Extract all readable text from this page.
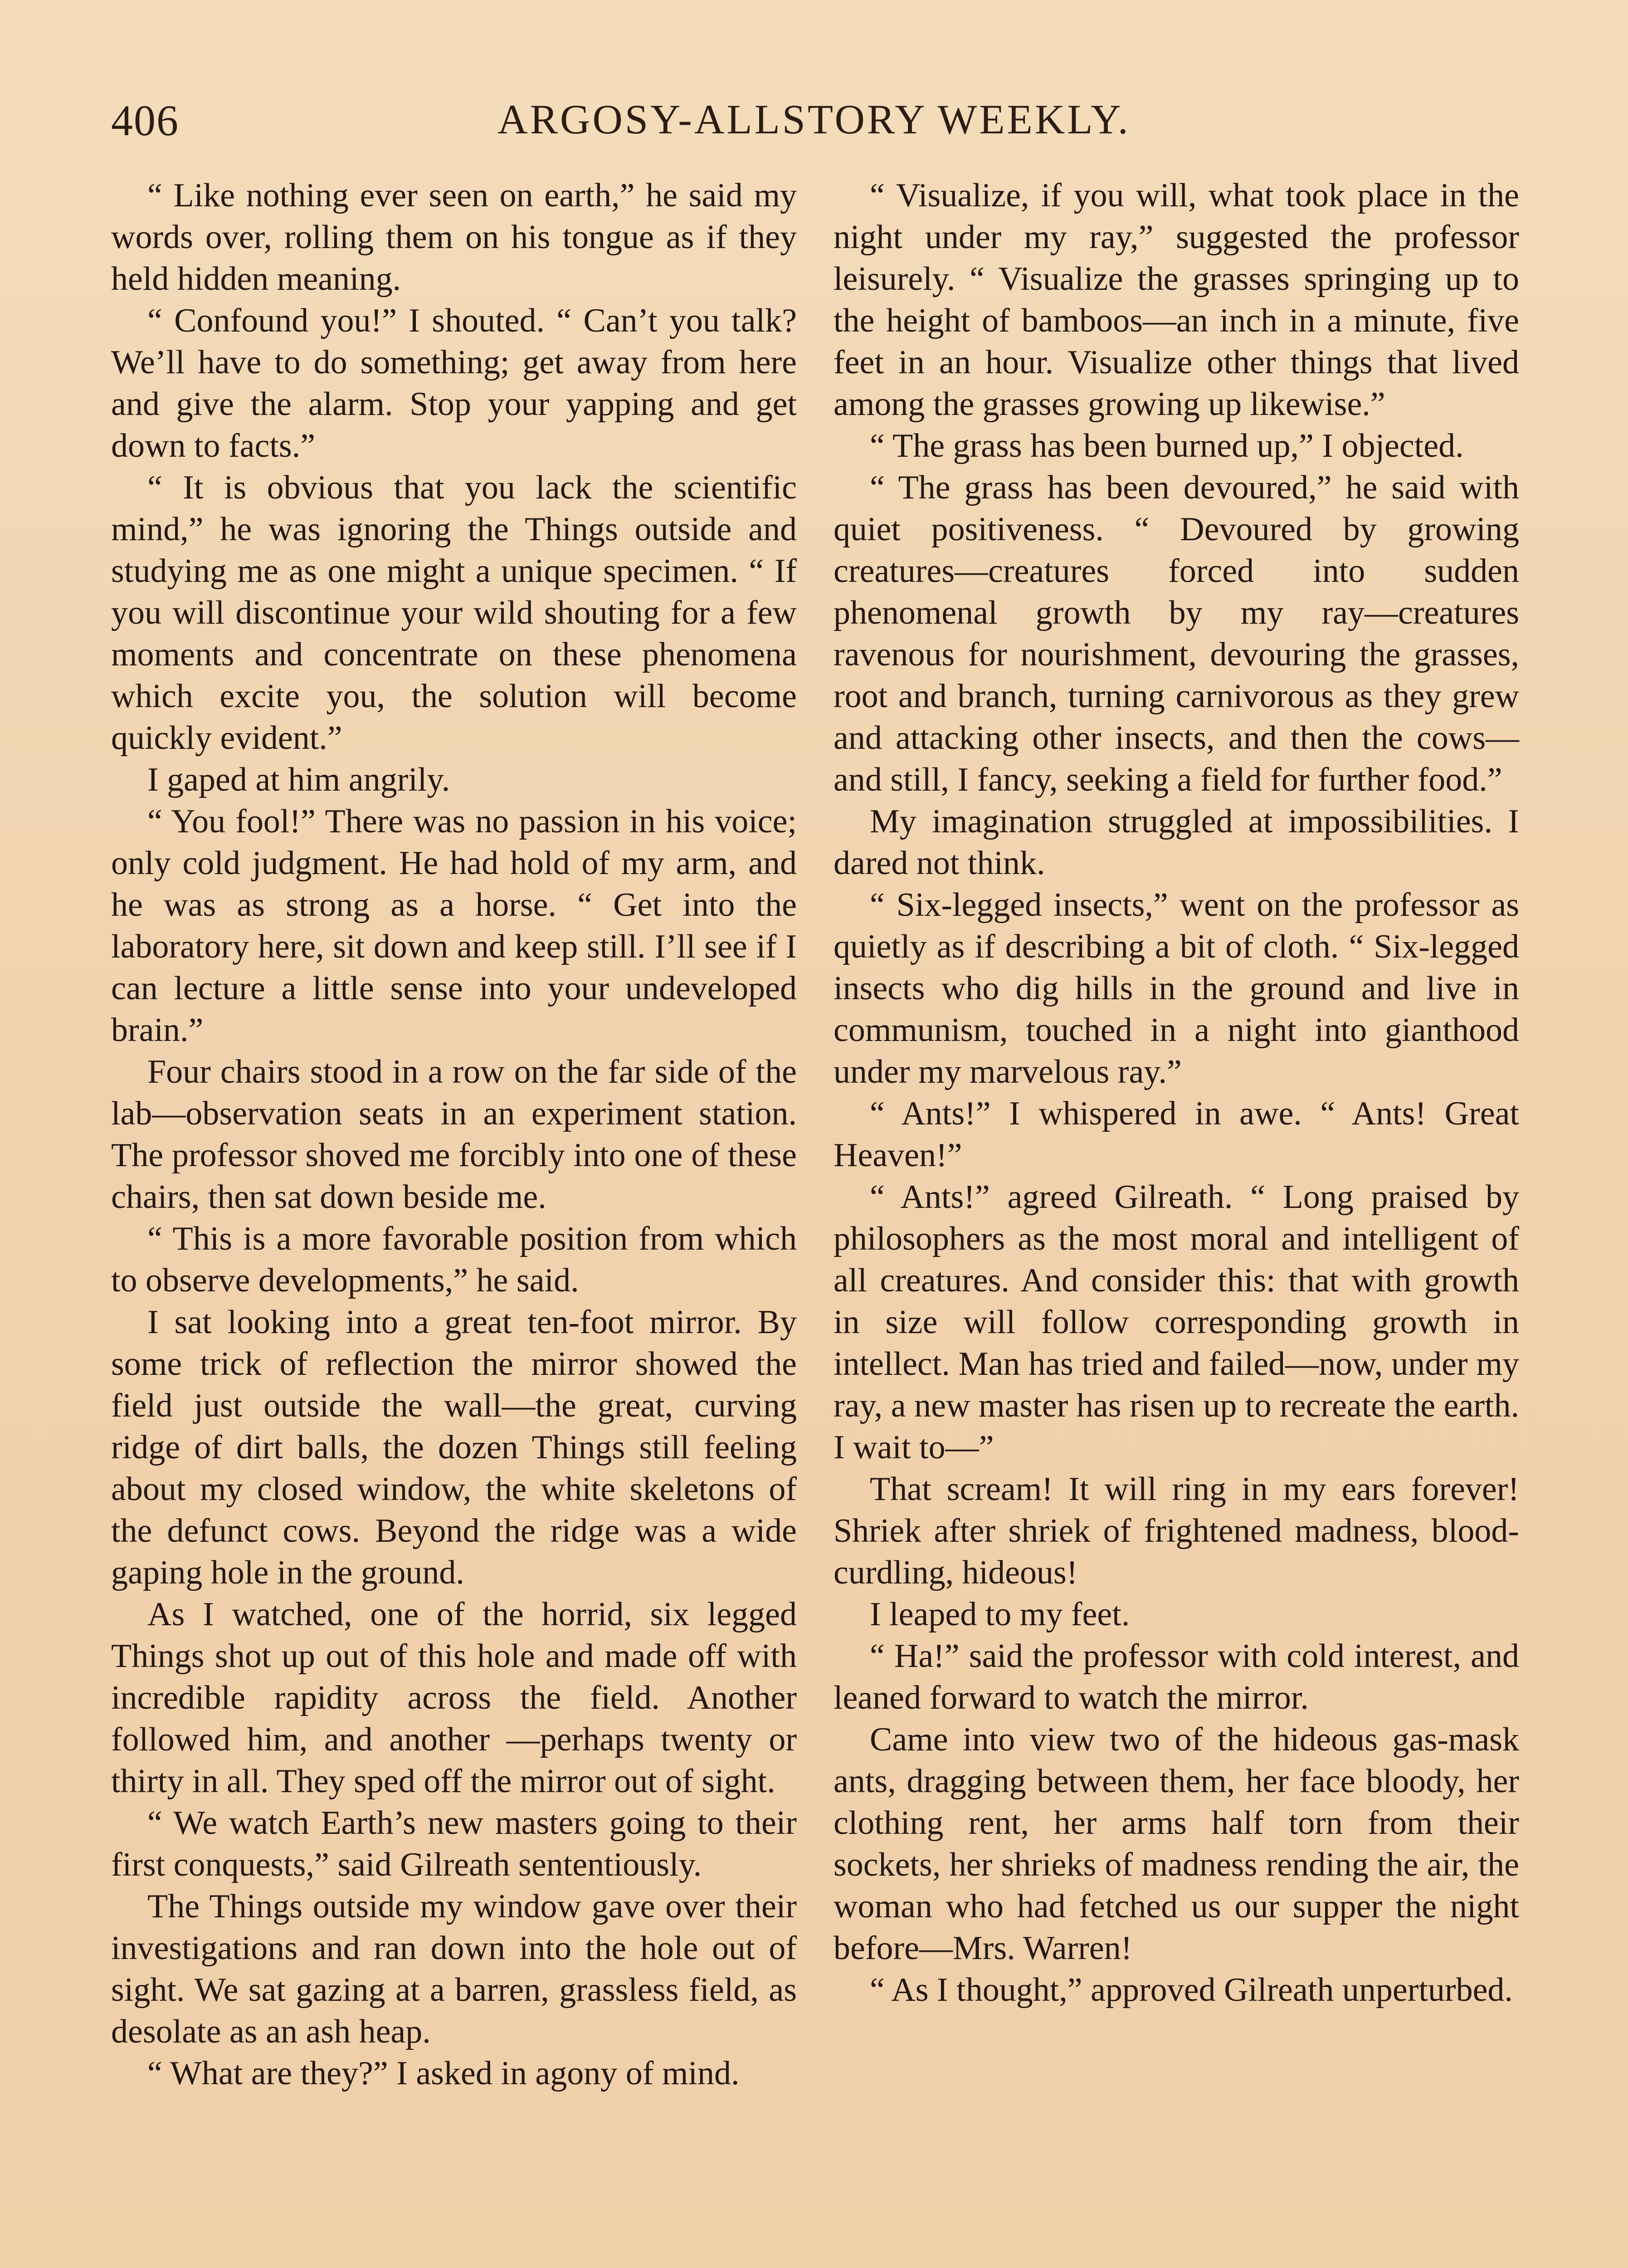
406	ARGOSY-ALLSTORY WEEKLY.

“ Like nothing ever seen on earth,” he said my words over, rolling them on his tongue as if they held hidden meaning.

“ Confound you!” I shouted. “ Can’t you talk? We’ll have to do something; get away from here and give the alarm. Stop your yapping and get down to facts.”

“ It is obvious that you lack the scientific mind,” he was ignoring the Things outside and studying me as one might a unique specimen. “ If you will discontinue your wild shouting for a few moments and concentrate on these phenomena which excite you, the solution will become quickly evident.”

I gaped at him angrily.

“ You fool!” There was no passion in his voice; only cold judgment. He had hold of my arm, and he was as strong as a horse. “ Get into the laboratory here, sit down and keep still. I’ll see if I can lecture a little sense into your undeveloped brain.”

Four chairs stood in a row on the far side of the lab—observation seats in an experiment station. The professor shoved me forcibly into one of these chairs, then sat down beside me.

“ This is a more favorable position from which to observe developments,” he said.

I sat looking into a great ten-foot mirror. By some trick of reflection the mirror showed the field just outside the wall—the great, curving ridge of dirt balls, the dozen Things still feeling about my closed window, the white skeletons of the defunct cows. Beyond the ridge was a wide gaping hole in the ground.

As I watched, one of the horrid, six legged Things shot up out of this hole and made off with incredible rapidity across the field. Another followed him, and another —perhaps twenty or thirty in all. They sped off the mirror out of sight.

“ We watch Earth’s new masters going to their first conquests,” said Gilreath sententiously.

The Things outside my window gave over their investigations and ran down into the hole out of sight. We sat gazing at a barren, grassless field, as desolate as an ash heap.

“ What are they?” I asked in agony of mind.

“ Visualize, if you will, what took place in the night under my ray,” suggested the professor leisurely. “ Visualize the grasses springing up to the height of bamboos—an inch in a minute, five feet in an hour. Visualize other things that lived among the grasses growing up likewise.”

“ The grass has been burned up,” I objected.

“ The grass has been devoured,” he said with quiet positiveness. “ Devoured by growing creatures—creatures forced into sudden phenomenal growth by my ray—creatures ravenous for nourishment, devouring the grasses, root and branch, turning carnivorous as they grew and attacking other insects, and then the cows—and still, I fancy, seeking a field for further food.”

My imagination struggled at impossibilities. I dared not think.

“ Six-legged insects,” went on the professor as quietly as if describing a bit of cloth. “ Six-legged insects who dig hills in the ground and live in communism, touched in a night into gianthood under my marvelous ray.”

“ Ants!” I whispered in awe. “ Ants! Great Heaven!”

“ Ants!” agreed Gilreath. “ Long praised by philosophers as the most moral and intelligent of all creatures. And consider this: that with growth in size will follow corresponding growth in intellect. Man has tried and failed—now, under my ray, a new master has risen up to recreate the earth. I wait to—”

That scream! It will ring in my ears forever! Shriek after shriek of frightened madness, blood-curdling, hideous!

I leaped to my feet.

“ Ha!” said the professor with cold interest, and leaned forward to watch the mirror.

Came into view two of the hideous gas-mask ants, dragging between them, her face bloody, her clothing rent, her arms half torn from their sockets, her shrieks of madness rending the air, the woman who had fetched us our supper the night before—Mrs. Warren!

“ As I thought,” approved Gilreath unperturbed.
